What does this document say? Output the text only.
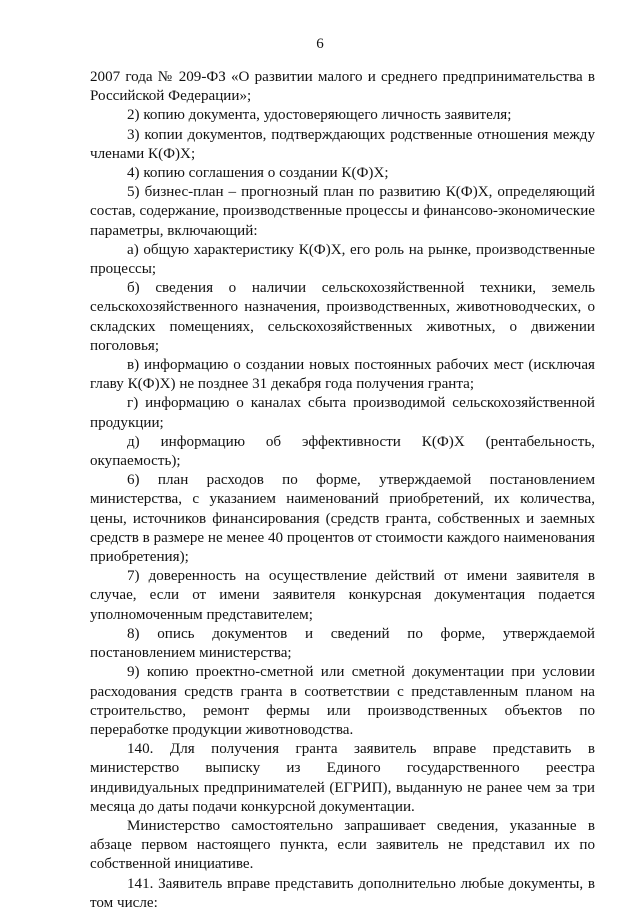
6

2007 года № 209-ФЗ «О развитии малого и среднего предпринимательства в Российской Федерации»;

2) копию документа, удостоверяющего личность заявителя;

3) копии документов, подтверждающих родственные отношения между членами К(Ф)Х;

4) копию соглашения о создании К(Ф)Х;

5) бизнес-план – прогнозный план по развитию К(Ф)Х, определяющий состав, содержание, производственные процессы и финансово-экономические параметры, включающий:

а) общую характеристику К(Ф)Х, его роль на рынке, производственные процессы;

б) сведения о наличии сельскохозяйственной техники, земель сельскохозяйственного назначения, производственных, животноводческих, о складских помещениях, сельскохозяйственных животных, о движении поголовья;

в) информацию о создании новых постоянных рабочих мест (исключая главу К(Ф)Х) не позднее 31 декабря года получения гранта;

г) информацию о каналах сбыта производимой сельскохозяйственной продукции;

д) информацию об эффективности К(Ф)Х (рентабельность, окупаемость);

6) план расходов по форме, утверждаемой постановлением министерства, с указанием наименований приобретений, их количества, цены, источников финансирования (средств гранта, собственных и заемных средств в размере не менее 40 процентов от стоимости каждого наименования приобретения);

7) доверенность на осуществление действий от имени заявителя в случае, если от имени заявителя конкурсная документация подается уполномоченным представителем;

8) опись документов и сведений по форме, утверждаемой постановлением министерства;

9) копию проектно-сметной или сметной документации при условии расходования средств гранта в соответствии с представленным планом на строительство, ремонт фермы или производственных объектов по переработке продукции животноводства.

140. Для получения гранта заявитель вправе представить в министерство выписку из Единого государственного реестра индивидуальных предпринимателей (ЕГРИП), выданную не ранее чем за три месяца до даты подачи конкурсной документации.

Министерство самостоятельно запрашивает сведения, указанные в абзаце первом настоящего пункта, если заявитель не представил их по собственной инициативе.

141. Заявитель вправе представить дополнительно любые документы, в том числе:
